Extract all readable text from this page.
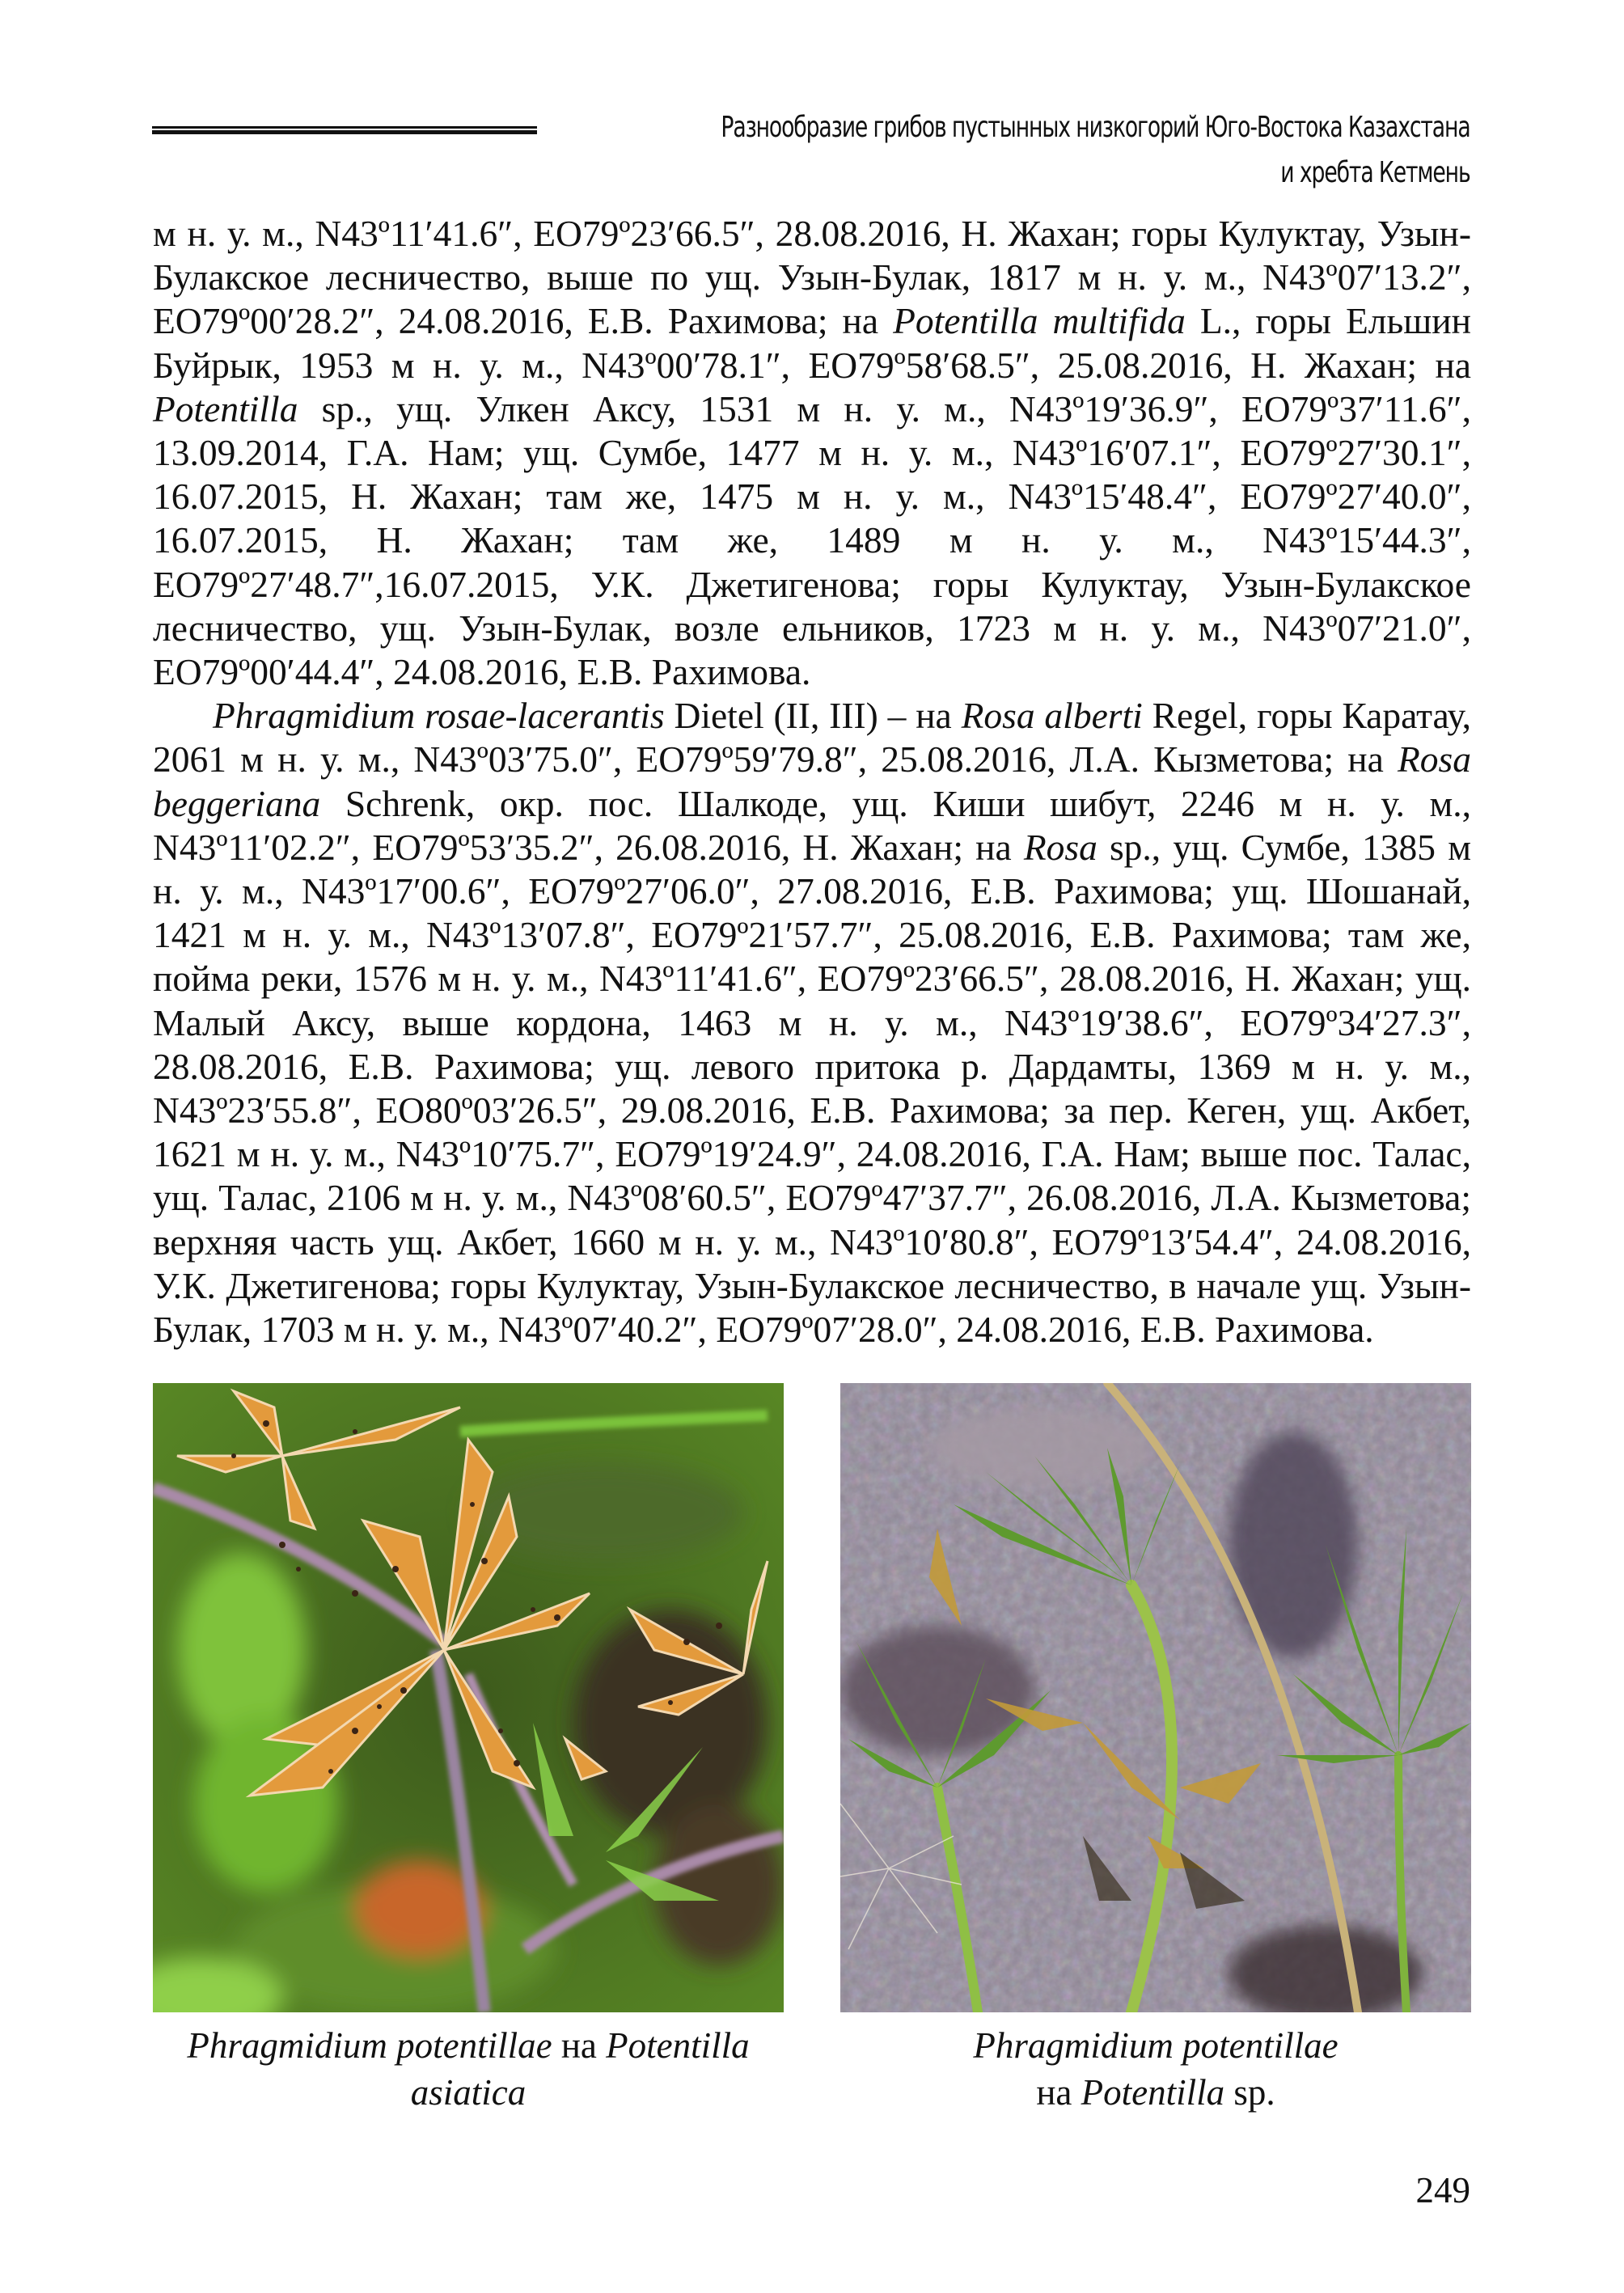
Разнообразие грибов пустынных низкогорий Юго-Востока Казахстана
и хребта Кетмень

м н. у. м., N43º11′41.6″, EO79º23′66.5″, 28.08.2016, Н. Жахан; горы Кулуктау, Узын-Булакское лесничество, выше по ущ. Узын-Булак, 1817 м н. у. м., N43º07′13.2″, EO79º00′28.2″, 24.08.2016, Е.В. Рахимова; на Potentilla multifida L., горы Ельшин Буйрык, 1953 м н. у. м., N43º00′78.1″, EO79º58′68.5″, 25.08.2016, Н. Жахан; на Potentilla sp., ущ. Улкен Аксу, 1531 м н. у. м., N43º19′36.9″, EO79º37′11.6″, 13.09.2014, Г.А. Нам; ущ. Сумбе, 1477 м н. у. м., N43º16′07.1″, EO79º27′30.1″, 16.07.2015, Н. Жахан; там же, 1475 м н. у. м., N43º15′48.4″, EO79º27′40.0″, 16.07.2015, Н. Жахан; там же, 1489 м н. у. м., N43º15′44.3″, EO79º27′48.7″,16.07.2015, У.К. Джетигенова; горы Кулуктау, Узын-Булакское лесничество, ущ. Узын-Булак, возле ельников, 1723 м н. у. м., N43º07′21.0″, EO79º00′44.4″, 24.08.2016, Е.В. Рахимова.

Phragmidium rosae-lacerantis Dietel (II, III) – на Rosa alberti Regel, горы Каратау, 2061 м н. у. м., N43º03′75.0″, EO79º59′79.8″, 25.08.2016, Л.А. Кызметова; на Rosa beggeriana Schrenk, окр. пос. Шалкоде, ущ. Киши шибут, 2246 м н. у. м., N43º11′02.2″, EO79º53′35.2″, 26.08.2016, Н. Жахан; на Rosa sp., ущ. Сумбе, 1385 м н. у. м., N43º17′00.6″, EO79º27′06.0″, 27.08.2016, Е.В. Рахимова; ущ. Шошанай, 1421 м н. у. м., N43º13′07.8″, EO79º21′57.7″, 25.08.2016, Е.В. Рахимова; там же, пойма реки, 1576 м н. у. м., N43º11′41.6″, EO79º23′66.5″, 28.08.2016, Н. Жахан; ущ. Малый Аксу, выше кордона, 1463 м н. у. м., N43º19′38.6″, EO79º34′27.3″, 28.08.2016, Е.В. Рахимова; ущ. левого притока р. Дардамты, 1369 м н. у. м., N43º23′55.8″, EO80º03′26.5″, 29.08.2016, Е.В. Рахимова; за пер. Кеген, ущ. Акбет, 1621 м н. у. м., N43º10′75.7″, EO79º19′24.9″, 24.08.2016, Г.А. Нам; выше пос. Талас, ущ. Талас, 2106 м н. у. м., N43º08′60.5″, EO79º47′37.7″, 26.08.2016, Л.А. Кызметова; верхняя часть ущ. Акбет, 1660 м н. у. м., N43º10′80.8″, EO79º13′54.4″, 24.08.2016, У.К. Джетигенова; горы Кулуктау, Узын-Булакское лесничество, в начале ущ. Узын-Булак, 1703 м н. у. м., N43º07′40.2″, EO79º07′28.0″, 24.08.2016, Е.В. Рахимова.

Phragmidium potentillae на Potentilla
asiatica
Phragmidium potentillae
на Potentilla sp.
249
